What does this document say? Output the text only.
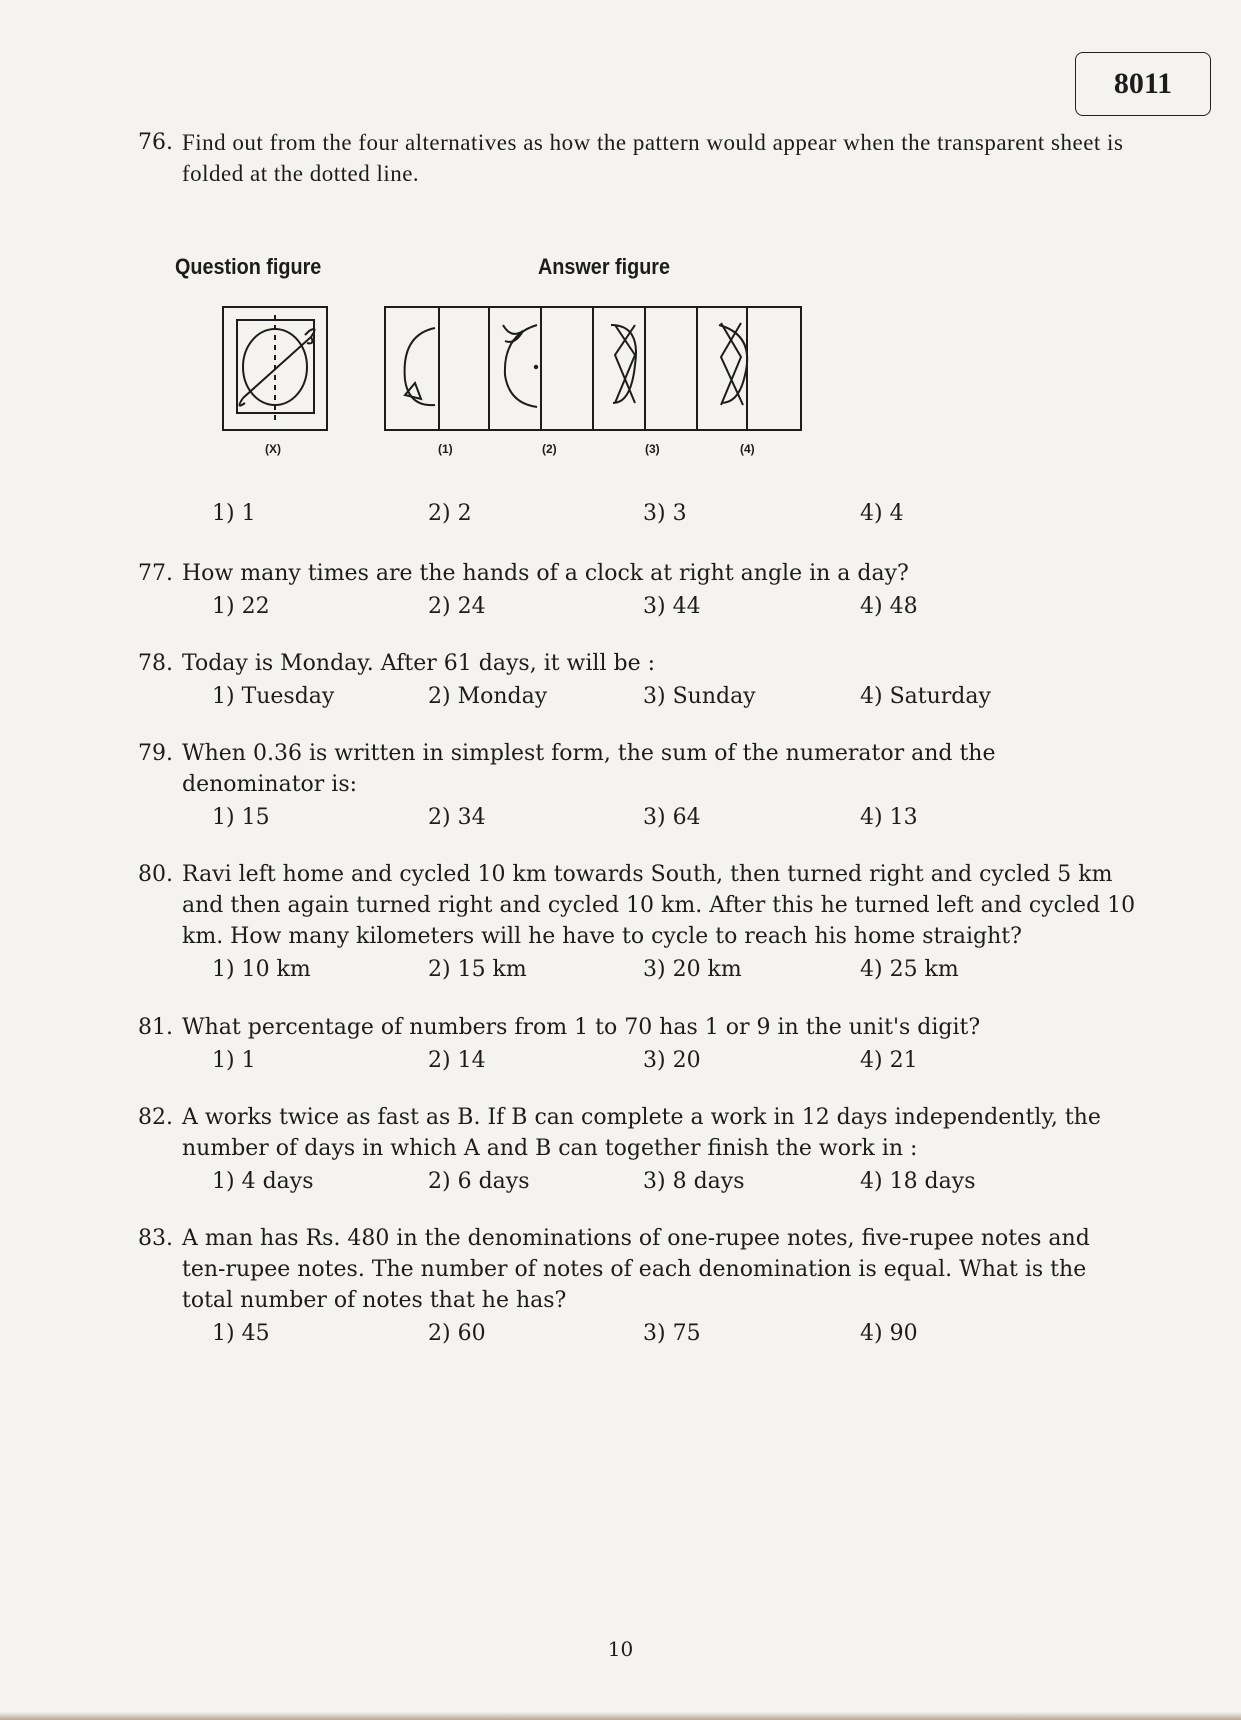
8011
76. Find out from the four alternatives as how the pattern would appear when the transparent sheet is folded at the dotted line.
Question figure	Answer figure
(X)	(1)	(2)	(3)	(4)
1) 1	2) 2	3) 3	4) 4
77. How many times are the hands of a clock at right angle in a day?
1) 22	2) 24	3) 44	4) 48
78. Today is Monday. After 61 days, it will be :
1) Tuesday	2) Monday	3) Sunday	4) Saturday
79. When 0.36 is written in simplest form, the sum of the numerator and the denominator is:
1) 15	2) 34	3) 64	4) 13
80. Ravi left home and cycled 10 km towards South, then turned right and cycled 5 km and then again turned right and cycled 10 km. After this he turned left and cycled 10 km. How many kilometers will he have to cycle to reach his home straight?
1) 10 km	2) 15 km	3) 20 km	4) 25 km
81. What percentage of numbers from 1 to 70 has 1 or 9 in the unit's digit?
1) 1	2) 14	3) 20	4) 21
82. A works twice as fast as B. If B can complete a work in 12 days independently, the number of days in which A and B can together finish the work in :
1) 4 days	2) 6 days	3) 8 days	4) 18 days
83. A man has Rs. 480 in the denominations of one-rupee notes, five-rupee notes and ten-rupee notes. The number of notes of each denomination is equal. What is the total number of notes that he has?
1) 45	2) 60	3) 75	4) 90
10
